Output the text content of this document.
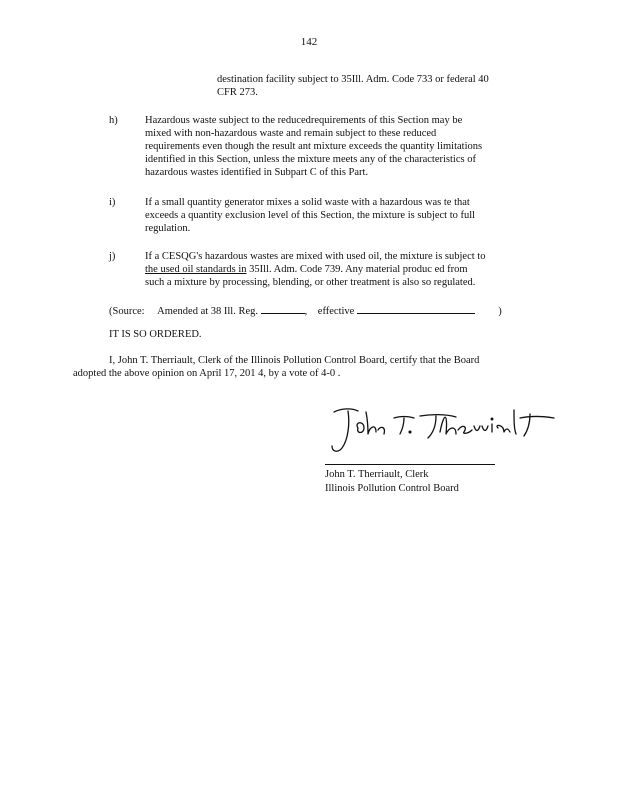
142
destination facility subject to 35Ill. Adm. Code 733 or federal 40
CFR 273.
h)	Hazardous waste subject to the reducedrequirements of this Section may be
mixed with non-hazardous waste and remain subject to these reduced
requirements even though the result ant mixture exceeds the quantity limitations
identified in this Section, unless the mixture meets any of the characteristics of
hazardous wastes identified in Subpart C of this Part.
i)	If a small quantity generator mixes a solid waste with a hazardous was te that
exceeds a quantity exclusion level of this Section, the mixture is subject to full
regulation.
j)	If a CESQG's hazardous wastes are mixed with used oil, the mixture is subject to
the used oil standards in 35Ill. Adm. Code 739. Any material produc ed from
such a mixture by processing, blending, or other treatment is also so regulated.
(Source: Amended at 38 Ill. Reg.	, effective	)
IT IS SO ORDERED.
I, John T. Therriault, Clerk of the Illinois Pollution Control Board, certify that the Board
adopted the above opinion on April 17, 201 4, by a vote of 4-0 .
John T. Therriault, Clerk
Illinois Pollution Control Board
